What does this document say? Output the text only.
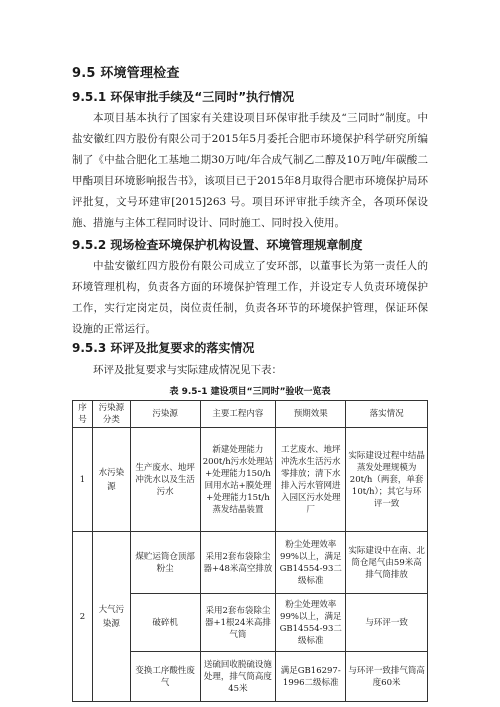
9.5 环境管理检查
9.5.1 环保审批手续及“三同时”执行情况

本项目基本执行了国家有关建设项目环保审批手续及“三同时”制度。中盐安徽红四方股份有限公司于2015年5月委托合肥市环境保护科学研究所编制了《中盐合肥化工基地二期30万吨/年合成气制乙二醇及10万吨/年碳酸二甲酯项目环境影响报告书》，该项目已于2015年8月取得合肥市环境保护局环评批复，文号环建审[2015]263 号。项目环评审批手续齐全，各项环保设施、措施与主体工程同时设计、同时施工、同时投入使用。

9.5.2 现场检查环境保护机构设置、环境管理规章制度

中盐安徽红四方股份有限公司成立了安环部，以董事长为第一责任人的环境管理机构，负责各方面的环境保护管理工作，并设定专人负责环境保护工作，实行定岗定员，岗位责任制，负责各环节的环境保护管理，保证环保设施的正常运行。

9.5.3 环评及批复要求的落实情况

环评及批复要求与实际建成情况见下表：

表 9.5-1 建设项目“三同时”验收一览表
序号	污染源分类	污染源	主要工程内容	预期效果	落实情况
1	水污染源	生产废水、地坪冲洗水以及生活污水	新建处理能力200t/h污水处理站+处理能力150/h回用水站+膜处理+处理能力15t/h蒸发结晶装置	工艺废水、地坪冲洗水生活污水零排放；清下水排入污水管网进入园区污水处理厂	实际建设过程中结晶蒸发处理规模为20t/h（两套，单套10t/h）；其它与环评一致
2	大气污染源	煤贮运筒仓顶部粉尘	采用2套布袋除尘器+48米高空排放	粉尘处理效率99%以上，满足GB14554-93二级标准	实际建设中在南、北筒仓尾气由59米高排气筒排放
		破碎机	采用2套布袋除尘器+1根24米高排气筒	粉尘处理效率99%以上，满足GB14554-93二级标准	与环评一致
		变换工序酸性废气	送硫回收脱硫设施处理，排气筒高度45米	满足GB16297-1996二级标准	与环评一致排气筒高度60米
